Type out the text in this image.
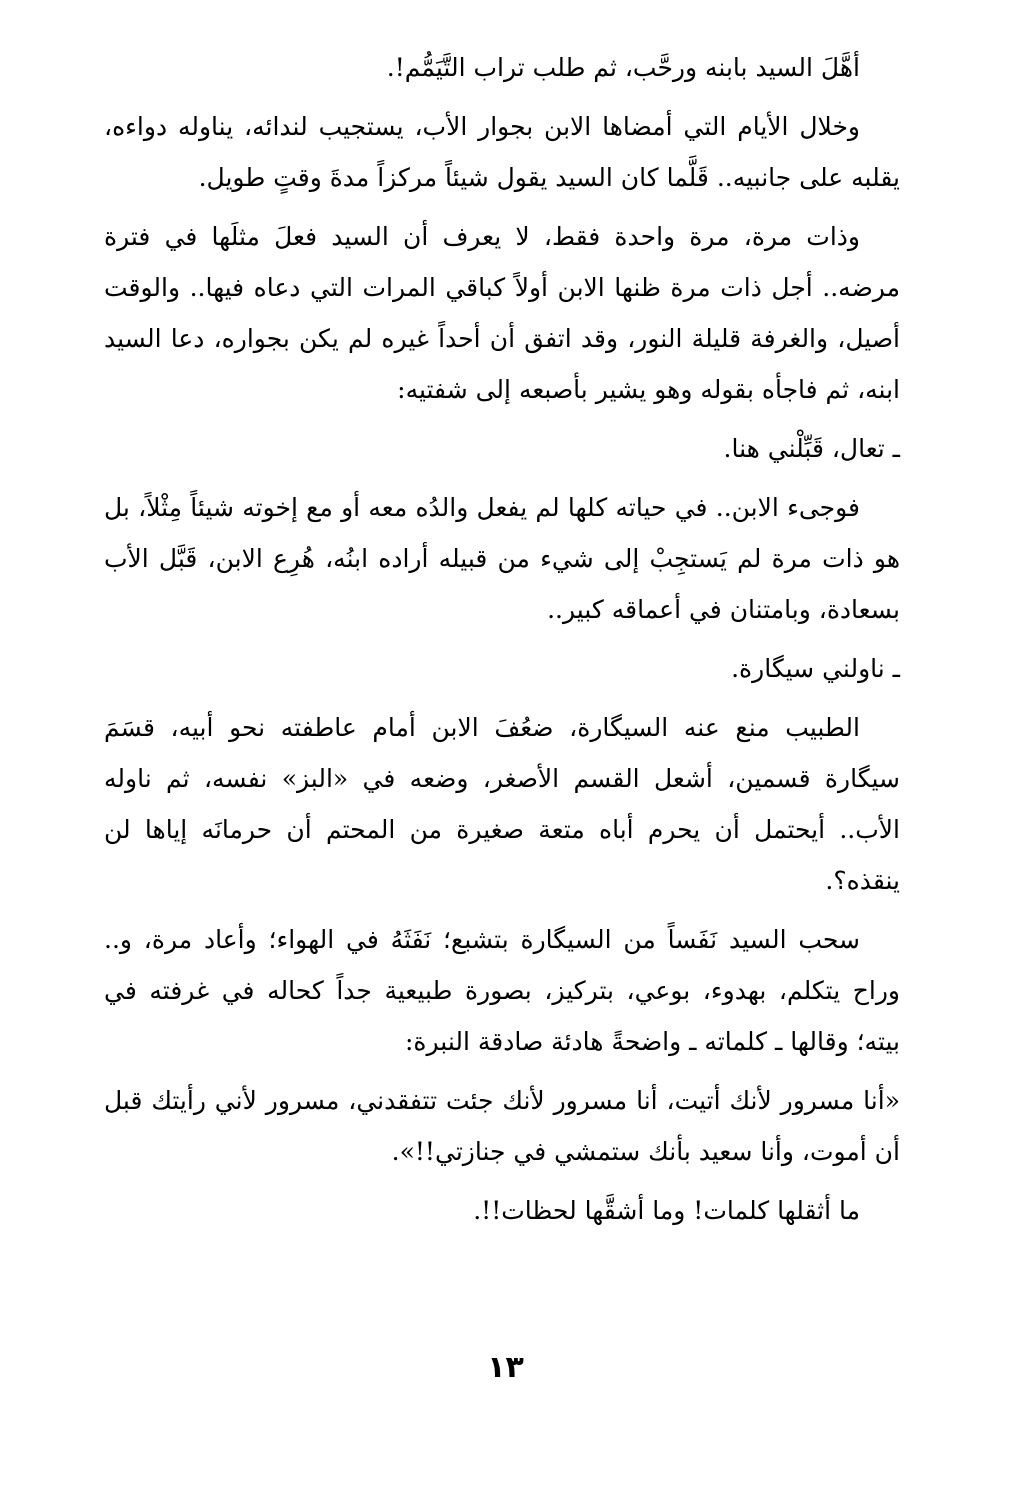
أهَّلَ السيد بابنه ورحَّب، ثم طلب تراب التَّيَمُّم!.

وخلال الأيام التي أمضاها الابن بجوار الأب، يستجيب لندائه، يناوله دواءه، يقلبه على جانبيه.. قَلَّما كان السيد يقول شيئاً مركزاً مدةَ وقتٍ طويل.

وذات مرة، مرة واحدة فقط، لا يعرف أن السيد فعلَ مثلَها في فترة مرضه.. أجل ذات مرة ظنها الابن أولاً كباقي المرات التي دعاه فيها.. والوقت أصيل، والغرفة قليلة النور، وقد اتفق أن أحداً غيره لم يكن بجواره، دعا السيد ابنه، ثم فاجأه بقوله وهو يشير بأصبعه إلى شفتيه:

ـ تعال، قَبِّلْني هنا.

فوجىء الابن.. في حياته كلها لم يفعل والدُه معه أو مع إخوته شيئاً مِثْلاً، بل هو ذات مرة لم يَستجِبْ إلى شيء من قبيله أراده ابنُه، هُرِع الابن، قَبَّل الأب بسعادة، وبامتنان في أعماقه كبير..

ـ ناولني سيگارة.

الطبيب منع عنه السيگارة، ضعُفَ الابن أمام عاطفته نحو أبيه، قسَمَ سيگارة قسمين، أشعل القسم الأصغر، وضعه في «البز» نفسه، ثم ناوله الأب.. أيحتمل أن يحرم أباه متعة صغيرة من المحتم أن حرمانَه إياها لن ينقذه؟.

سحب السيد نَفَساً من السيگارة بتشبع؛ نَفَثَهُ في الهواء؛ وأعاد مرة، و.. وراح يتكلم، بهدوء، بوعي، بتركيز، بصورة طبيعية جداً كحاله في غرفته في بيته؛ وقالها ـ كلماته ـ واضحةً هادئة صادقة النبرة:

«أنا مسرور لأنك أتيت، أنا مسرور لأنك جئت تتفقدني، مسرور لأني رأيتك قبل أن أموت، وأنا سعيد بأنك ستمشي في جنازتي!!».

ما أثقلها كلمات! وما أشقَّها لحظات!!.

١٣
